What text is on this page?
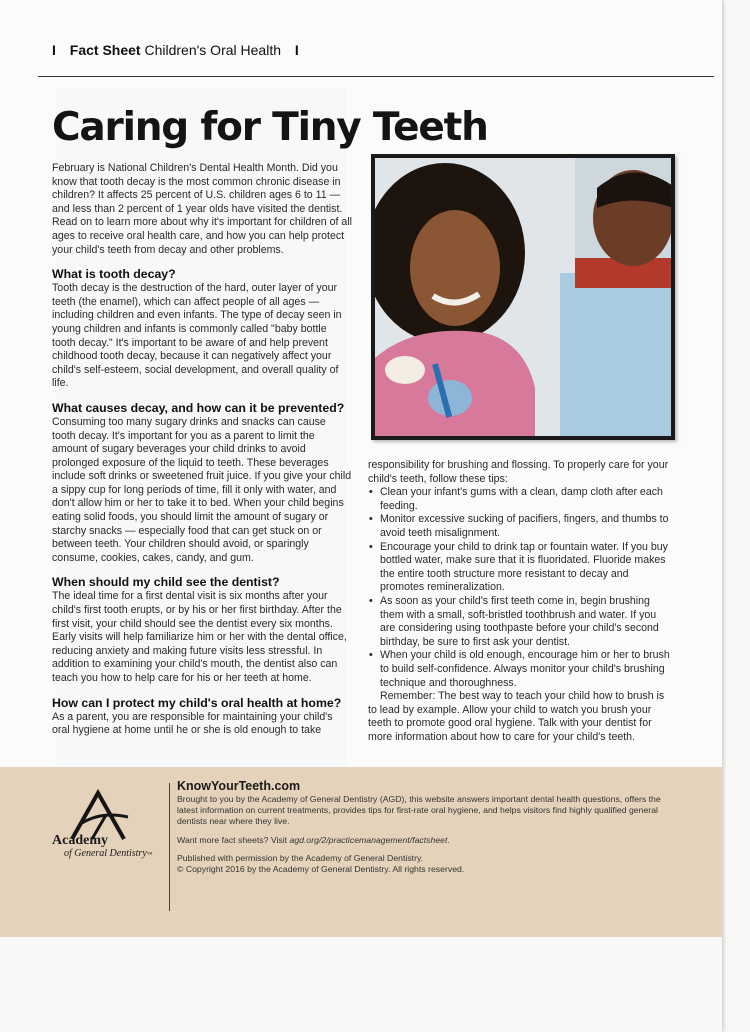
I Fact Sheet Children's Oral Health I
Caring for Tiny Teeth

February is National Children's Dental Health Month. Did you know that tooth decay is the most common chronic disease in children? It affects 25 percent of U.S. children ages 6 to 11 — and less than 2 percent of 1 year olds have visited the dentist. Read on to learn more about why it's important for children of all ages to receive oral health care, and how you can help protect your child's teeth from decay and other problems.

What is tooth decay?

Tooth decay is the destruction of the hard, outer layer of your teeth (the enamel), which can affect people of all ages — including children and even infants. The type of decay seen in young children and infants is commonly called "baby bottle tooth decay." It's important to be aware of and help prevent childhood tooth decay, because it can negatively affect your child's self-esteem, social development, and overall quality of life.

What causes decay, and how can it be prevented?

Consuming too many sugary drinks and snacks can cause tooth decay. It's important for you as a parent to limit the amount of sugary beverages your child drinks to avoid prolonged exposure of the liquid to teeth. These beverages include soft drinks or sweetened fruit juice. If you give your child a sippy cup for long periods of time, fill it only with water, and don't allow him or her to take it to bed. When your child begins eating solid foods, you should limit the amount of sugary or starchy snacks — especially food that can get stuck on or between teeth. Your children should avoid, or sparingly consume, cookies, cakes, candy, and gum.

When should my child see the dentist?

The ideal time for a first dental visit is six months after your child's first tooth erupts, or by his or her first birthday. After the first visit, your child should see the dentist every six months. Early visits will help familiarize him or her with the dental office, reducing anxiety and making future visits less stressful. In addition to examining your child's mouth, the dentist also can teach you how to help care for his or her teeth at home.

How can I protect my child's oral health at home?

As a parent, you are responsible for maintaining your child's oral hygiene at home until he or she is old enough to take

responsibility for brushing and flossing. To properly care for your child's teeth, follow these tips:

• Clean your infant's gums with a clean, damp cloth after each feeding.
• Monitor excessive sucking of pacifiers, fingers, and thumbs to avoid teeth misalignment.
• Encourage your child to drink tap or fountain water. If you buy bottled water, make sure that it is fluoridated. Fluoride makes the entire tooth structure more resistant to decay and promotes remineralization.
• As soon as your child's first teeth come in, begin brushing them with a small, soft-bristled toothbrush and water. If you are considering using toothpaste before your child's second birthday, be sure to first ask your dentist.
• When your child is old enough, encourage him or her to brush to build self-confidence. Always monitor your child's brushing technique and thoroughness.

Remember: The best way to teach your child how to brush is to lead by example. Allow your child to watch you brush your teeth to promote good oral hygiene. Talk with your dentist for more information about how to care for your child's teeth.

Academy
of General Dentistry™
KnowYourTeeth.com

Brought to you by the Academy of General Dentistry (AGD), this website answers important dental health questions, offers the latest information on current treatments, provides tips for first-rate oral hygiene, and helps visitors find highly qualified general dentists near where they live.

Want more fact sheets? Visit agd.org/2/practicemanagement/factsheet.

Published with permission by the Academy of General Dentistry.

© Copyright 2016 by the Academy of General Dentistry. All rights reserved.
